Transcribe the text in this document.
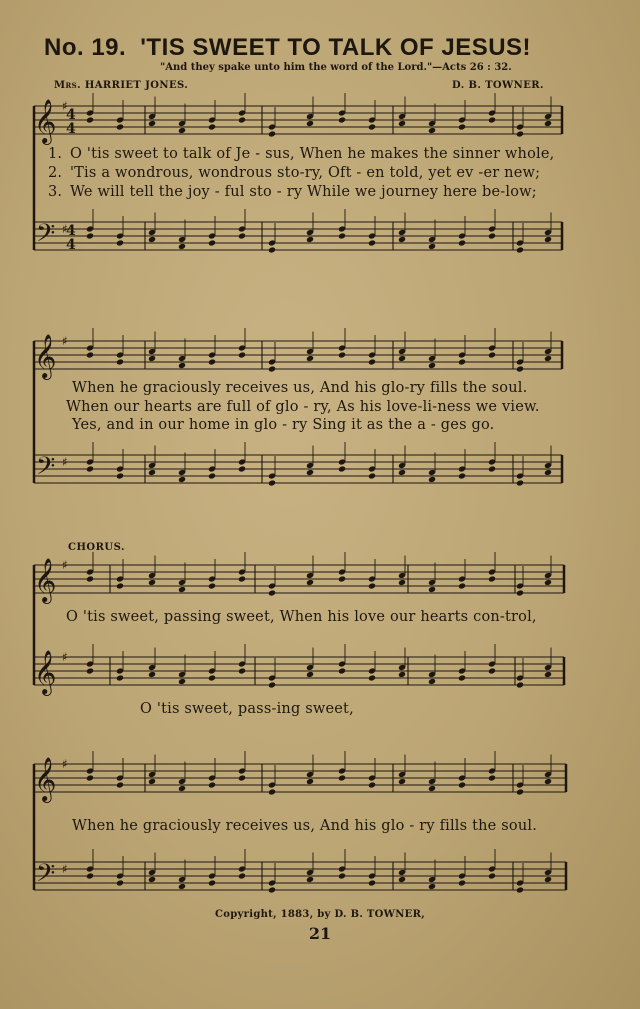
No. 19. 'TIS SWEET TO TALK OF JESUS!
"And they spake unto him the word of the Lord."—Acts 26 : 32.
Mrs. HARRIET JONES.	D. B. TOWNER.
𝄞 ♯
4
4
𝄢 ♯
4
4
𝄞 ♯
𝄢 ♯
𝄞 ♯
𝄞 ♯
𝄞 ♯
𝄢 ♯
1. O 'tis sweet to talk of Je - sus, When he makes the sinner whole,
2. 'Tis a wondrous, wondrous sto-ry, Oft - en told, yet ev -er new;
3. We will tell the joy - ful sto - ry While we journey here be-low;
When he graciously receives us, And his glo-ry fills the soul.
When our hearts are full of glo - ry, As his love-li-ness we view.
Yes, and in our home in glo - ry Sing it as the a - ges go.
CHORUS.
O 'tis sweet, passing sweet, When his love our hearts con-trol,
O 'tis sweet, pass-ing sweet,
When he graciously receives us, And his glo - ry fills the soul.
Copyright, 1883, by D. B. TOWNER,
21
